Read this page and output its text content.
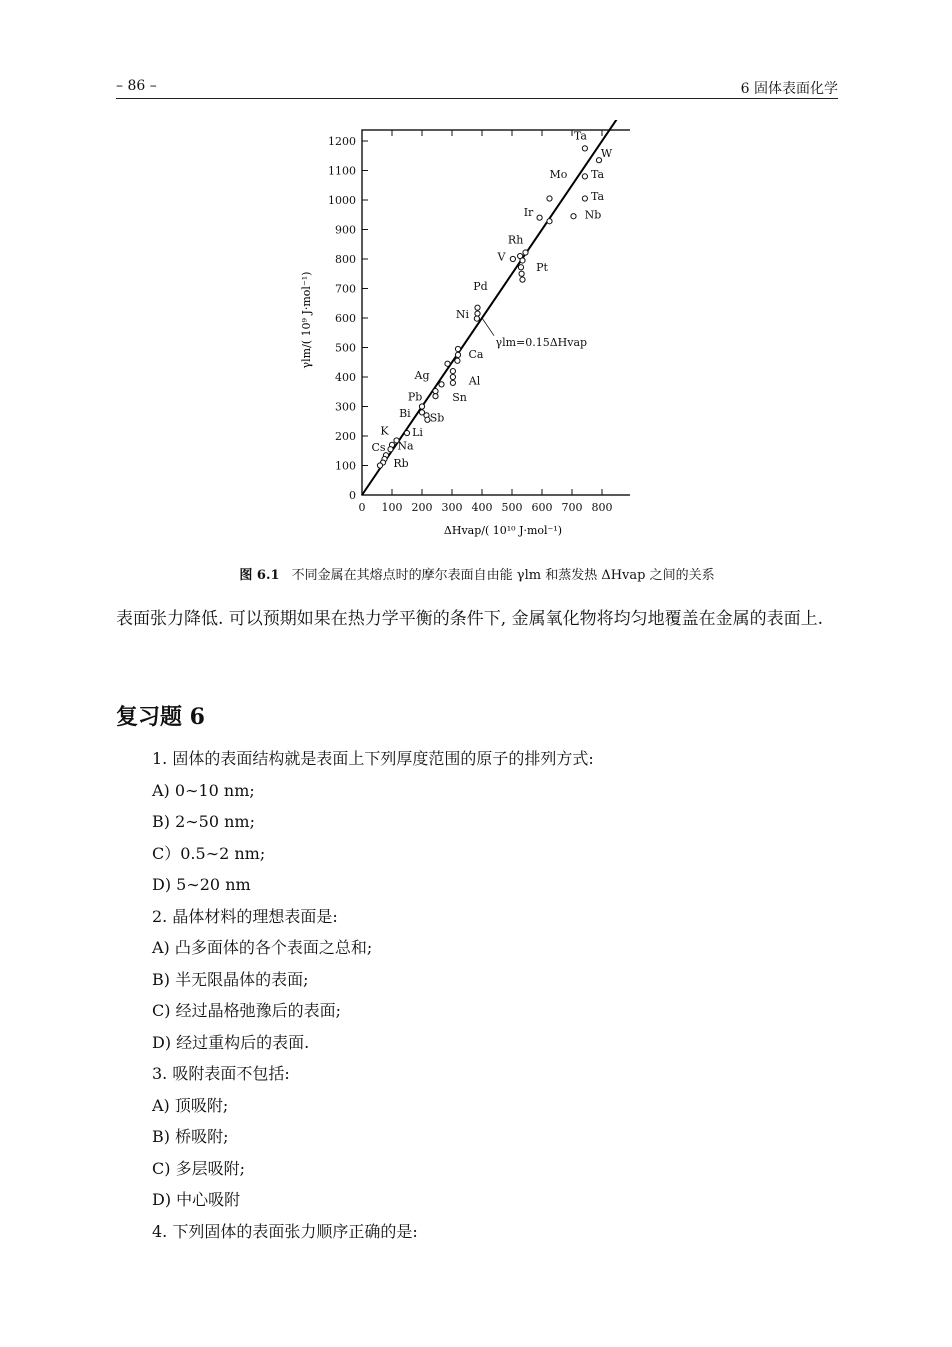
– 86 –	6 固体表面化学
0 100 200 300 400 500 600 700 800
0
100
200
300
400
500
600
700
800
900
1000
1100
1200
γlm=0.15ΔHvap
Ta
W
Mo Ta
Ta
Nb
Ir
Rh
V
Pt
Pd
Ni
Ca
Ag	Al
Sn
Pb
Bi Sb
K Li
Cs Na
Rb
ΔHvap/( 10¹⁰ J·mol⁻¹)
γlm/( 10⁹ J·mol⁻¹)
图 6.1 不同金属在其熔点时的摩尔表面自由能 γlm 和蒸发热 ΔHvap 之间的关系
表面张力降低. 可以预期如果在热力学平衡的条件下, 金属氧化物将均匀地覆盖在金属的表面上.
复习题 6
1. 固体的表面结构就是表面上下列厚度范围的原子的排列方式:
A) 0∼10 nm;
B) 2∼50 nm;
C）0.5∼2 nm;
D) 5∼20 nm
2. 晶体材料的理想表面是:
A) 凸多面体的各个表面之总和;
B) 半无限晶体的表面;
C) 经过晶格弛豫后的表面;
D) 经过重构后的表面.
3. 吸附表面不包括:
A) 顶吸附;
B) 桥吸附;
C) 多层吸附;
D) 中心吸附
4. 下列固体的表面张力顺序正确的是:
